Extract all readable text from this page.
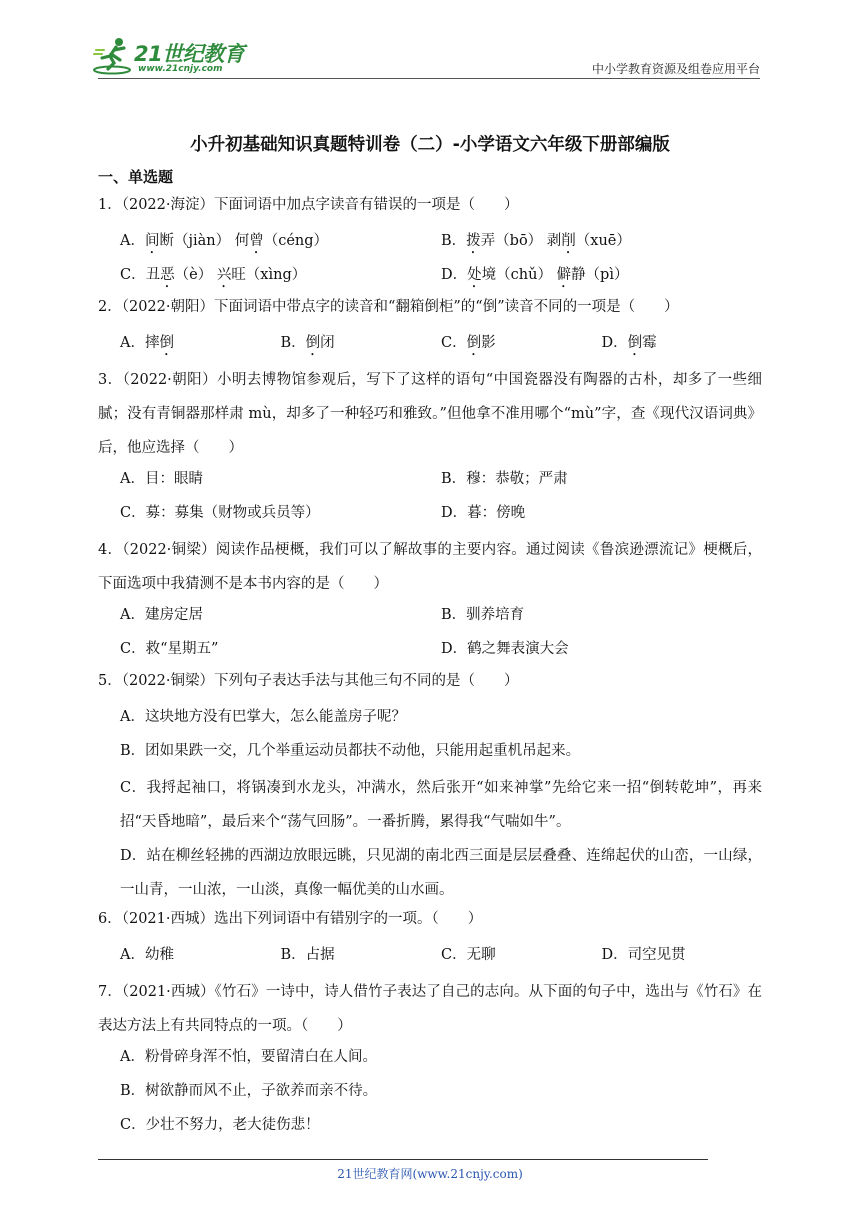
21世纪教育
www.21cnjy.com	中小学教育资源及组卷应用平台
小升初基础知识真题特训卷（二）-小学语文六年级下册部编版
一、单选题
1．（2022·海淀）下面词语中加点字读音有错误的一项是（　　）
A．间断（jiàn） 何曾（céng）	B．拨弄（bō） 剥削（xuē）
C．丑恶（è） 兴旺（xìng）	D．处境（chǔ） 僻静（pì）
2．（2022·朝阳）下面词语中带点字的读音和“翻箱倒柜”的“倒”读音不同的一项是（　　）
A．摔倒	B．倒闭	C．倒影	D．倒霉
3．（2022·朝阳）小明去博物馆参观后，写下了这样的语句“中国瓷器没有陶器的古朴，却多了一些细腻；没有青铜器那样肃 mù，却多了一种轻巧和雅致。”但他拿不准用哪个“mù”字，查《现代汉语词典》后，他应选择（　　）
A．目：眼睛	B．穆：恭敬；严肃
C．募：募集（财物或兵员等）	D．暮：傍晚
4．（2022·铜梁）阅读作品梗概，我们可以了解故事的主要内容。通过阅读《鲁滨逊漂流记》梗概后，下面选项中我猜测不是本书内容的是（　　）
A．建房定居	B．驯养培育
C．救“星期五”	D．鹤之舞表演大会
5．（2022·铜梁）下列句子表达手法与其他三句不同的是（　　）
A．这块地方没有巴掌大，怎么能盖房子呢？
B．团如果跌一交，几个举重运动员都扶不动他，只能用起重机吊起来。
C．我捋起袖口，将锅凑到水龙头，冲满水，然后张开“如来神掌”先给它来一招“倒转乾坤”，再来招“天昏地暗”，最后来个“荡气回肠”。一番折腾，累得我“气喘如牛”。
D．站在柳丝轻拂的西湖边放眼远眺，只见湖的南北西三面是层层叠叠、连绵起伏的山峦，一山绿，一山青，一山浓，一山淡，真像一幅优美的山水画。
6．（2021·西城）选出下列词语中有错别字的一项。（　　）
A．幼稚	B．占据	C．无聊	D．司空见贯
7．（2021·西城）《竹石》一诗中，诗人借竹子表达了自己的志向。从下面的句子中，选出与《竹石》在表达方法上有共同特点的一项。（　　）
A．粉骨碎身浑不怕，要留清白在人间。
B．树欲静而风不止，子欲养而亲不待。
C．少壮不努力，老大徒伤悲！
21世纪教育网(www.21cnjy.com)
